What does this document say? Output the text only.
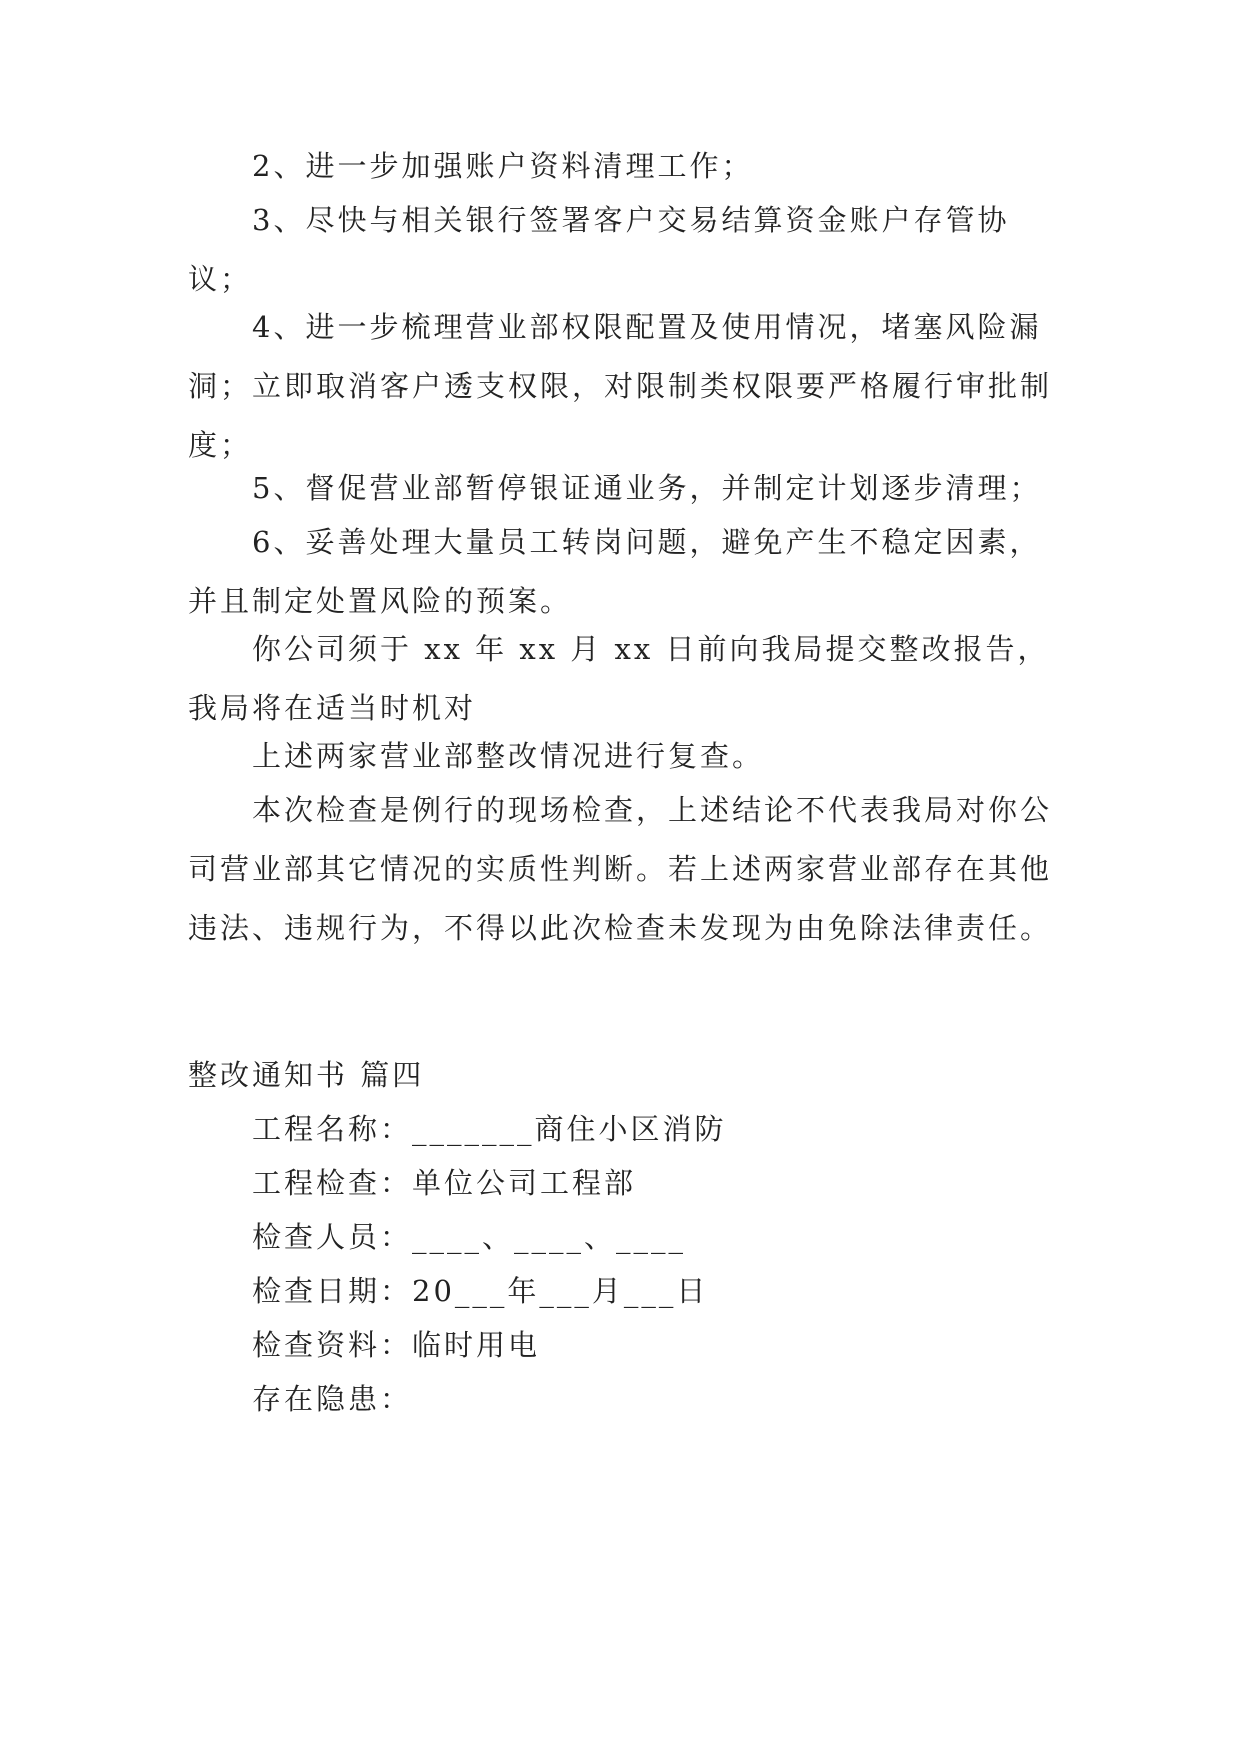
2、进一步加强账户资料清理工作；

3、尽快与相关银行签署客户交易结算资金账户存管协议；

4、进一步梳理营业部权限配置及使用情况，堵塞风险漏洞；立即取消客户透支权限，对限制类权限要严格履行审批制度；

5、督促营业部暂停银证通业务，并制定计划逐步清理；

6、妥善处理大量员工转岗问题，避免产生不稳定因素，并且制定处置风险的预案。

你公司须于 xx 年 xx 月 xx 日前向我局提交整改报告，我局将在适当时机对

上述两家营业部整改情况进行复查。

本次检查是例行的现场检查，上述结论不代表我局对你公司营业部其它情况的实质性判断。若上述两家营业部存在其他违法、违规行为，不得以此次检查未发现为由免除法律责任。

整改通知书 篇四
工程名称：_______商住小区消防
工程检查：单位公司工程部
检查人员：____、____、____
检查日期：20___年___月___日
检查资料：临时用电
存在隐患：
